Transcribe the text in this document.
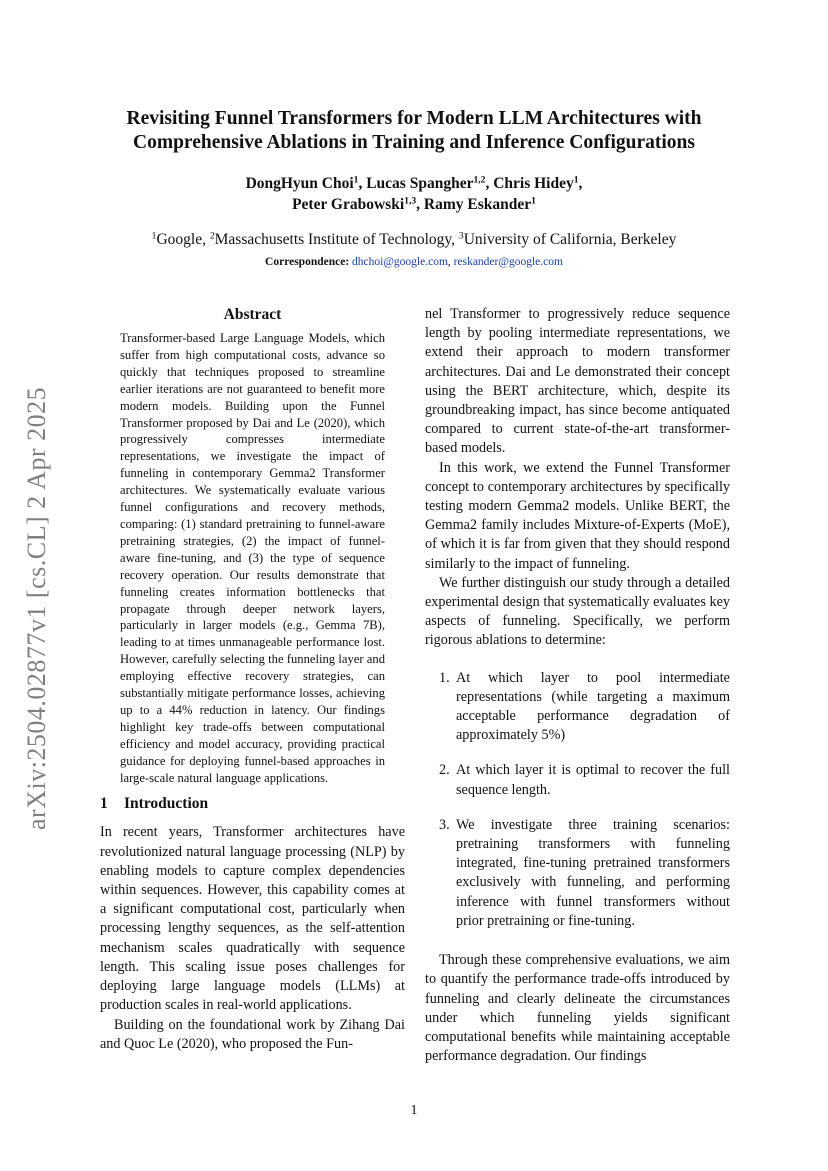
arXiv:2504.02877v1 [cs.CL] 2 Apr 2025
Revisiting Funnel Transformers for Modern LLM Architectures with
Comprehensive Ablations in Training and Inference Configurations
DongHyun Choi$^1$, Lucas Spangher$^{1,2}$, Chris Hidey$^1$,
Peter Grabowski$^{1,3}$, Ramy Eskander$^1$
$^1$Google, $^2$Massachusetts Institute of Technology, $^3$University of California, Berkeley
Correspondence: dhchoi@google.com, reskander@google.com
Abstract
Transformer-based Large Language Models, which suffer from high computational costs, advance so quickly that techniques proposed to streamline earlier iterations are not guaranteed to benefit more modern models. Building upon the Funnel Transformer proposed by Dai and Le (2020), which progressively compresses intermediate representations, we investigate the impact of funneling in contemporary Gemma2 Transformer architectures. We systematically evaluate various funnel configurations and recovery methods, comparing: (1) standard pretraining to funnel-aware pretraining strategies, (2) the impact of funnel-aware fine-tuning, and (3) the type of sequence recovery operation. Our results demonstrate that funneling creates information bottlenecks that propagate through deeper network layers, particularly in larger models (e.g., Gemma 7B), leading to at times unmanageable performance lost. However, carefully selecting the funneling layer and employing effective recovery strategies, can substantially mitigate performance losses, achieving up to a 44% reduction in latency. Our findings highlight key trade-offs between computational efficiency and model accuracy, providing practical guidance for deploying funnel-based approaches in large-scale natural language applications.
1 Introduction

In recent years, Transformer architectures have revolutionized natural language processing (NLP) by enabling models to capture complex dependencies within sequences. However, this capability comes at a significant computational cost, particularly when processing lengthy sequences, as the self-attention mechanism scales quadratically with sequence length. This scaling issue poses challenges for deploying large language models (LLMs) at production scales in real-world applications.

Building on the foundational work by Zihang Dai and Quoc Le (2020), who proposed the Fun-

nel Transformer to progressively reduce sequence length by pooling intermediate representations, we extend their approach to modern transformer architectures. Dai and Le demonstrated their concept using the BERT architecture, which, despite its groundbreaking impact, has since become antiquated compared to current state-of-the-art transformer-based models.

In this work, we extend the Funnel Transformer concept to contemporary architectures by specifically testing modern Gemma2 models. Unlike BERT, the Gemma2 family includes Mixture-of-Experts (MoE), of which it is far from given that they should respond similarly to the impact of funneling.

We further distinguish our study through a detailed experimental design that systematically evaluates key aspects of funneling. Specifically, we perform rigorous ablations to determine:

1. At which layer to pool intermediate representations (while targeting a maximum acceptable performance degradation of approximately 5%)

2. At which layer it is optimal to recover the full sequence length.

3. We investigate three training scenarios: pretraining transformers with funneling integrated, fine-tuning pretrained transformers exclusively with funneling, and performing inference with funnel transformers without prior pretraining or fine-tuning.

Through these comprehensive evaluations, we aim to quantify the performance trade-offs introduced by funneling and clearly delineate the circumstances under which funneling yields significant computational benefits while maintaining acceptable performance degradation. Our findings

1
